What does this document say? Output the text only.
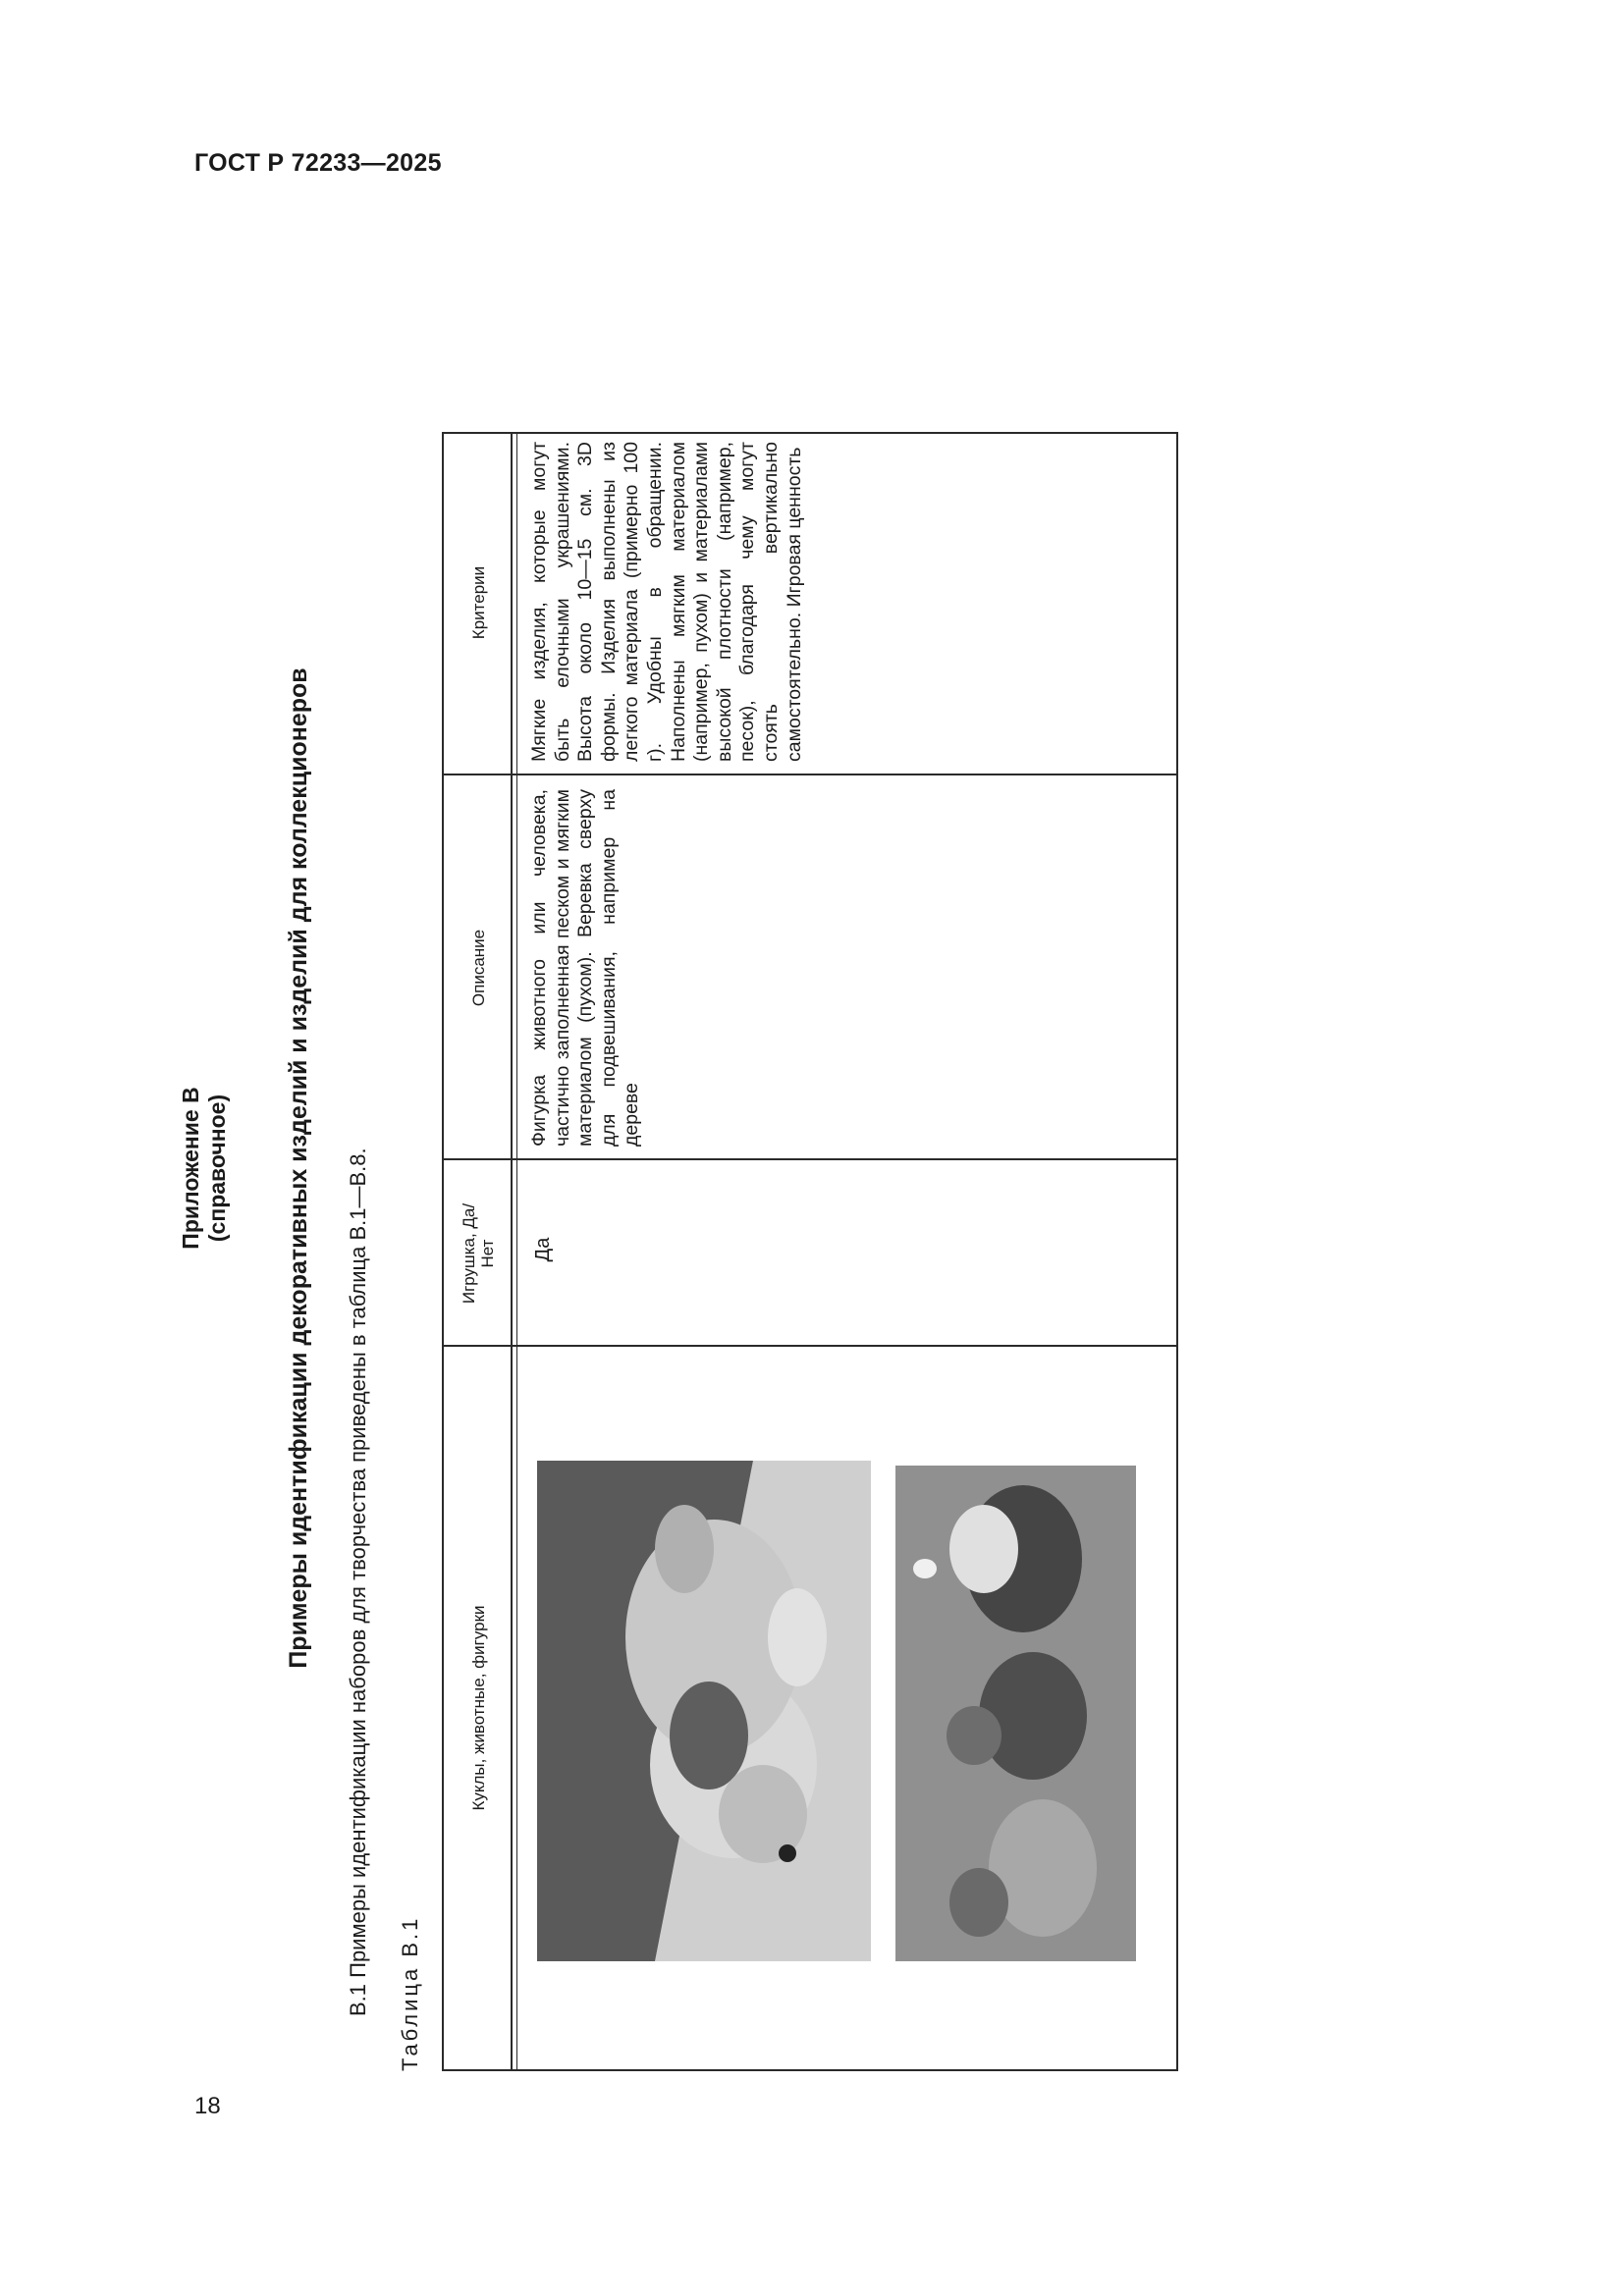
ГОСТ Р 72233—2025
18
Приложение В (справочное) Примеры идентификации декоративных изделий и изделий для коллекционеров В.1 Примеры идентификации наборов для творчества приведены в таблица В.1—В.8. Таблица В.1
Куклы, животные, фигурки
Игрушка, Да/Нет
Описание
Критерии
Да
Фигурка животного или человека, частично заполненная песком и мягким материалом (пухом). Веревка сверху для подвешивания, например на дереве
Мягкие изделия, которые могут быть елочными украшениями. Высота около 10—15 см. 3D формы. Изделия выполнены из легкого материала (примерно 100 г). Удобны в обращении. Наполнены мягким материалом (например, пухом) и материалами высокой плотности (например, песок), благодаря чему могут стоять вертикально самостоятельно. Игровая ценность
